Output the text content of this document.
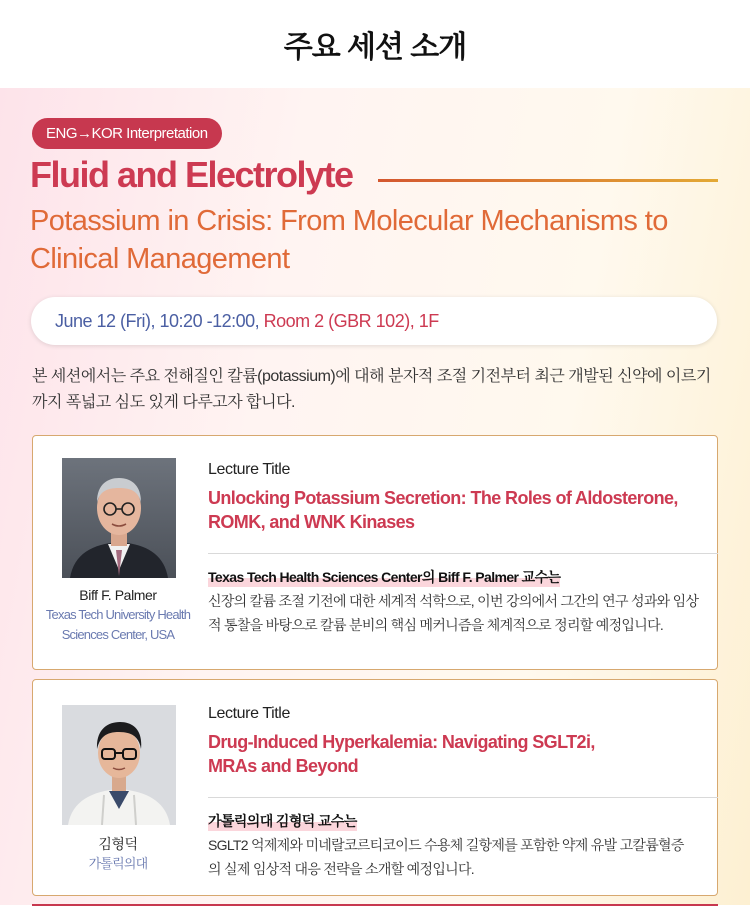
주요 세션 소개
ENG→KOR Interpretation
Fluid and Electrolyte
Potassium in Crisis: From Molecular Mechanisms to Clinical Management
June 12 (Fri), 10:20 -12:00,
Room 2 (GBR 102), 1F

본 세션에서는 주요 전해질인 칼륨(potassium)에 대해 분자적 조절 기전부터 최근 개발된 신약에 이르기까지 폭넓고 심도 있게 다루고자 합니다.

Biff F. Palmer
Texas Tech University Health Sciences Center, USA
Lecture Title
Unlocking Potassium Secretion: The Roles of Aldosterone, ROMK, and WNK Kinases
Texas Tech Health Sciences Center의 Biff F. Palmer 교수는
신장의 칼륨 조절 기전에 대한 세계적 석학으로, 이번 강의에서 그간의 연구 성과와 임상적 통찰을 바탕으로 칼륨 분비의 핵심 메커니즘을 체계적으로 정리할 예정입니다.
김형덕
가톨릭의대
Lecture Title
Drug-Induced Hyperkalemia: Navigating SGLT2i, MRAs and Beyond
가톨릭의대 김형덕 교수는
SGLT2 억제제와 미네랄코르티코이드 수용체 길항제를 포함한 약제 유발 고칼륨혈증의 실제 임상적 대응 전략을 소개할 예정입니다.
